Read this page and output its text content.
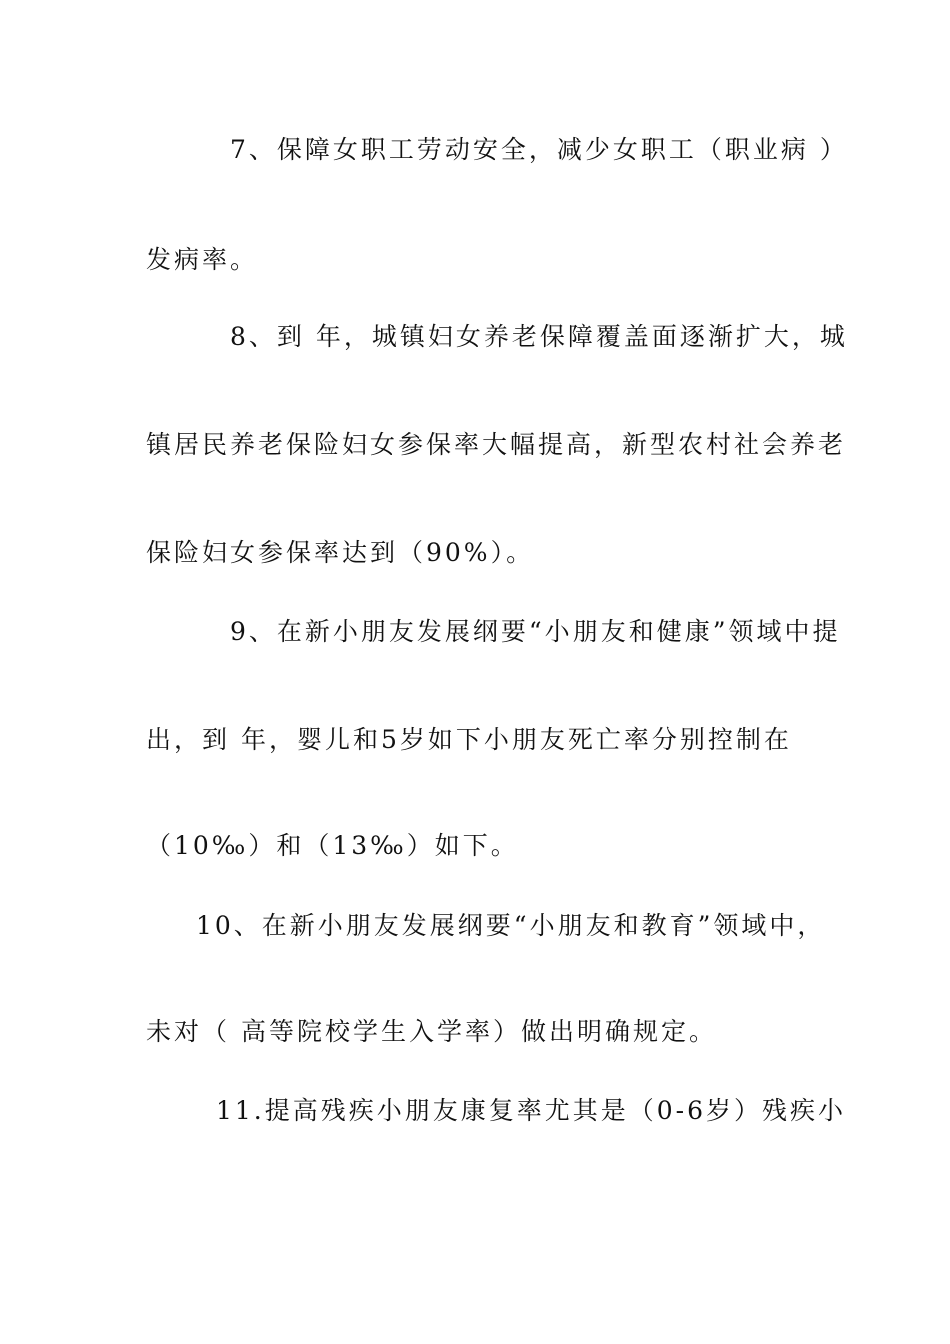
7、保障女职工劳动安全，减少女职工（职业病 ）

发病率。

8、到 年，城镇妇女养老保障覆盖面逐渐扩大，城

镇居民养老保险妇女参保率大幅提高，新型农村社会养老

保险妇女参保率达到（90%）。

9、在新小朋友发展纲要“小朋友和健康”领域中提

出，到 年，婴儿和5岁如下小朋友死亡率分别控制在

（10‰）和（13‰）如下。

10、在新小朋友发展纲要“小朋友和教育”领域中，

未对（ 高等院校学生入学率）做出明确规定。

11.提高残疾小朋友康复率尤其是（0-6岁）残疾小
